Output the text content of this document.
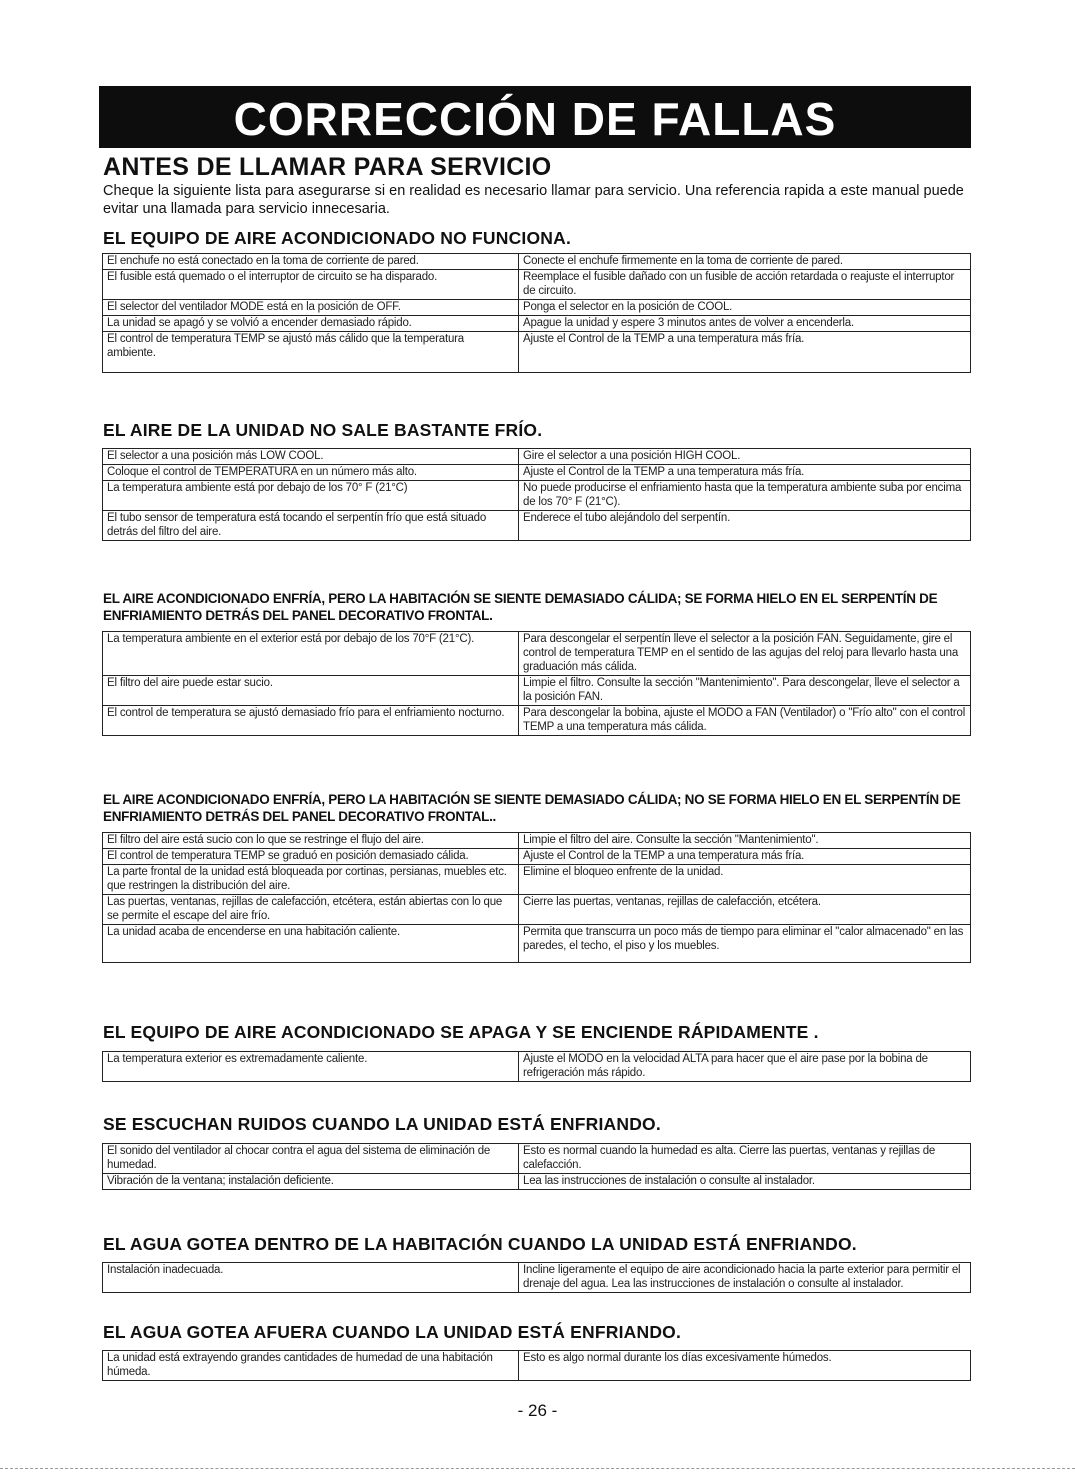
CORRECCIÓN DE FALLAS
ANTES DE LLAMAR PARA SERVICIO

Cheque la siguiente lista para asegurarse si en realidad es necesario llamar para servicio. Una referencia rapida a este manual puede evitar una llamada para servicio innecesaria.

EL EQUIPO DE AIRE ACONDICIONADO NO FUNCIONA.
El enchufe no está conectado en la toma de corriente de pared.	Conecte el enchufe firmemente en la toma de corriente de pared.
El fusible está quemado o el interruptor de circuito se ha disparado.	Reemplace el fusible dañado con un fusible de acción retardada o reajuste el interruptor de circuito.
El selector del ventilador MODE está en la posición de OFF.	Ponga el selector en la posición de COOL.
La unidad se apagó y se volvió a encender demasiado rápido.	Apague la unidad y espere 3 minutos antes de volver a encenderla.
El control de temperatura TEMP se ajustó más cálido que la temperatura ambiente.	Ajuste el Control de la TEMP a una temperatura más fría.
EL AIRE DE LA UNIDAD NO SALE BASTANTE FRÍO.
El selector a una posición más LOW COOL.	Gire el selector a una posición HIGH COOL.
Coloque el control de TEMPERATURA en un número más alto.	Ajuste el Control de la TEMP a una temperatura más fría.
La temperatura ambiente está por debajo de los 70° F (21°C)	No puede producirse el enfriamiento hasta que la temperatura ambiente suba por encima de los 70° F (21°C).
El tubo sensor de temperatura está tocando el serpentín frío que está situado detrás del filtro del aire.	Enderece el tubo alejándolo del serpentín.
EL AIRE ACONDICIONADO ENFRÍA, PERO LA HABITACIÓN SE SIENTE DEMASIADO CÁLIDA; SE FORMA HIELO EN EL SERPENTÍN DE ENFRIAMIENTO DETRÁS DEL PANEL DECORATIVO FRONTAL.
La temperatura ambiente en el exterior está por debajo de los 70°F (21°C).	Para descongelar el serpentín lleve el selector a la posición FAN. Seguidamente, gire el control de temperatura TEMP en el sentido de las agujas del reloj para llevarlo hasta una graduación más cálida.
El filtro del aire puede estar sucio.	Limpie el filtro. Consulte la sección "Mantenimiento". Para descongelar, lleve el selector a la posición FAN.
El control de temperatura se ajustó demasiado frío para el enfriamiento nocturno.	Para descongelar la bobina, ajuste el MODO a FAN (Ventilador) o "Frío alto" con el control TEMP a una temperatura más cálida.
EL AIRE ACONDICIONADO ENFRÍA, PERO LA HABITACIÓN SE SIENTE DEMASIADO CÁLIDA; NO SE FORMA HIELO EN EL SERPENTÍN DE ENFRIAMIENTO DETRÁS DEL PANEL DECORATIVO FRONTAL..
El filtro del aire está sucio con lo que se restringe el flujo del aire.	Limpie el filtro del aire. Consulte la sección "Mantenimiento".
El control de temperatura TEMP se graduó en posición demasiado cálida.	Ajuste el Control de la TEMP a una temperatura más fría.
La parte frontal de la unidad está bloqueada por cortinas, persianas, muebles etc. que restringen la distribución del aire.	Elimine el bloqueo enfrente de la unidad.
Las puertas, ventanas, rejillas de calefacción, etcétera, están abiertas con lo que se permite el escape del aire frío.	Cierre las puertas, ventanas, rejillas de calefacción, etcétera.
La unidad acaba de encenderse en una habitación caliente.	Permita que transcurra un poco más de tiempo para eliminar el "calor almacenado" en las paredes, el techo, el piso y los muebles.
EL EQUIPO DE AIRE ACONDICIONADO SE APAGA Y SE ENCIENDE RÁPIDAMENTE .
La temperatura exterior es extremadamente caliente.	Ajuste el MODO en la velocidad ALTA para hacer que el aire pase por la bobina de refrigeración más rápido.
SE ESCUCHAN RUIDOS CUANDO LA UNIDAD ESTÁ ENFRIANDO.
El sonido del ventilador al chocar contra el agua del sistema de eliminación de humedad.	Esto es normal cuando la humedad es alta. Cierre las puertas, ventanas y rejillas de calefacción.
Vibración de la ventana; instalación deficiente.	Lea las instrucciones de instalación o consulte al instalador.
EL AGUA GOTEA DENTRO DE LA HABITACIÓN CUANDO LA UNIDAD ESTÁ ENFRIANDO.
Instalación inadecuada.	Incline ligeramente el equipo de aire acondicionado hacia la parte exterior para permitir el drenaje del agua. Lea las instrucciones de instalación o consulte al instalador.
EL AGUA GOTEA AFUERA CUANDO LA UNIDAD ESTÁ ENFRIANDO.
La unidad está extrayendo grandes cantidades de humedad de una habitación húmeda.	Esto es algo normal durante los días excesivamente húmedos.
- 26 -
